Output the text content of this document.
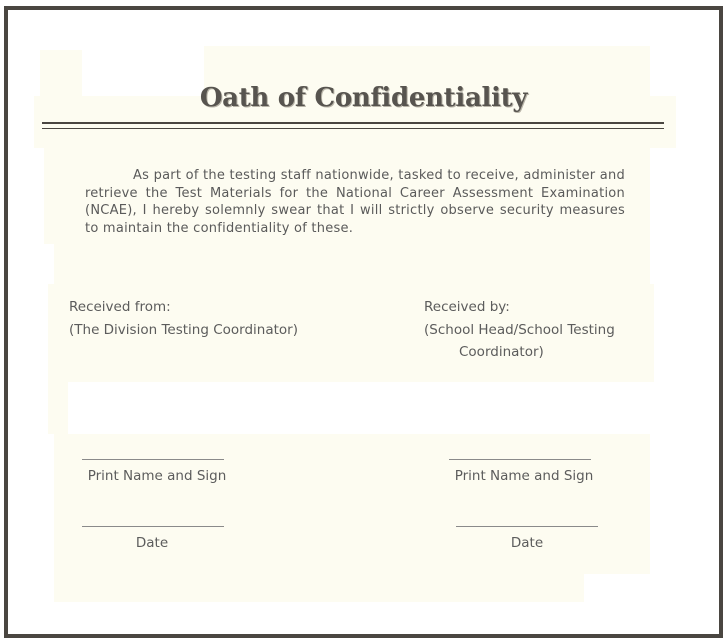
Oath of Confidentiality
As part of the testing staff nationwide, tasked to receive, administer and retrieve the Test Materials for the National Career Assessment Examination (NCAE), I hereby solemnly swear that I will strictly observe security measures to maintain the confidentiality of these.
Received from:
(The Division Testing Coordinator)
Received by:
(School Head/School Testing
Coordinator)
Print Name and Sign
Date
Print Name and Sign
Date
